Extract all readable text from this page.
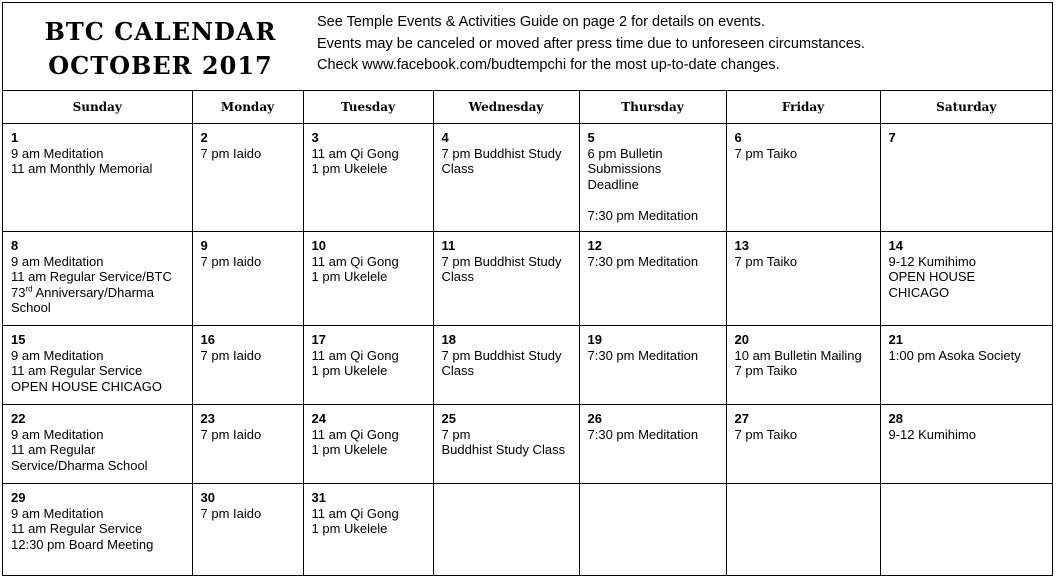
BTC CALENDAR
OCTOBER 2017
See Temple Events & Activities Guide on page 2 for details on events.
Events may be canceled or moved after press time due to unforeseen circumstances.
Check www.facebook.com/budtempchi for the most up-to-date changes.
Sunday	Monday	Tuesday	Wednesday	Thursday	Friday	Saturday

1
9 am Meditation
11 am Monthly Memorial	2
7 pm Iaido	3
11 am Qi Gong
1 pm Ukelele	4
7 pm Buddhist Study
Class	5
6 pm Bulletin
Submissions
Deadline
7:30 pm Meditation	6
7 pm Taiko	7

8
9 am Meditation
11 am Regular Service/BTC
73rd Anniversary/Dharma
School	9
7 pm Iaido	10
11 am Qi Gong
1 pm Ukelele	11
7 pm Buddhist Study
Class	12
7:30 pm Meditation	13
7 pm Taiko	14
9-12 Kumihimo
OPEN HOUSE
CHICAGO

15
9 am Meditation
11 am Regular Service
OPEN HOUSE CHICAGO	16
7 pm Iaido	17
11 am Qi Gong
1 pm Ukelele	18
7 pm Buddhist Study
Class	19
7:30 pm Meditation	20
10 am Bulletin Mailing
7 pm Taiko	21
1:00 pm Asoka Society

22
9 am Meditation
11 am Regular
Service/Dharma School	23
7 pm Iaido	24
11 am Qi Gong
1 pm Ukelele	25
7 pm
Buddhist Study Class	26
7:30 pm Meditation	27
7 pm Taiko	28
9-12 Kumihimo

29
9 am Meditation
11 am Regular Service
12:30 pm Board Meeting	30
7 pm Iaido	31
11 am Qi Gong
1 pm Ukelele				
